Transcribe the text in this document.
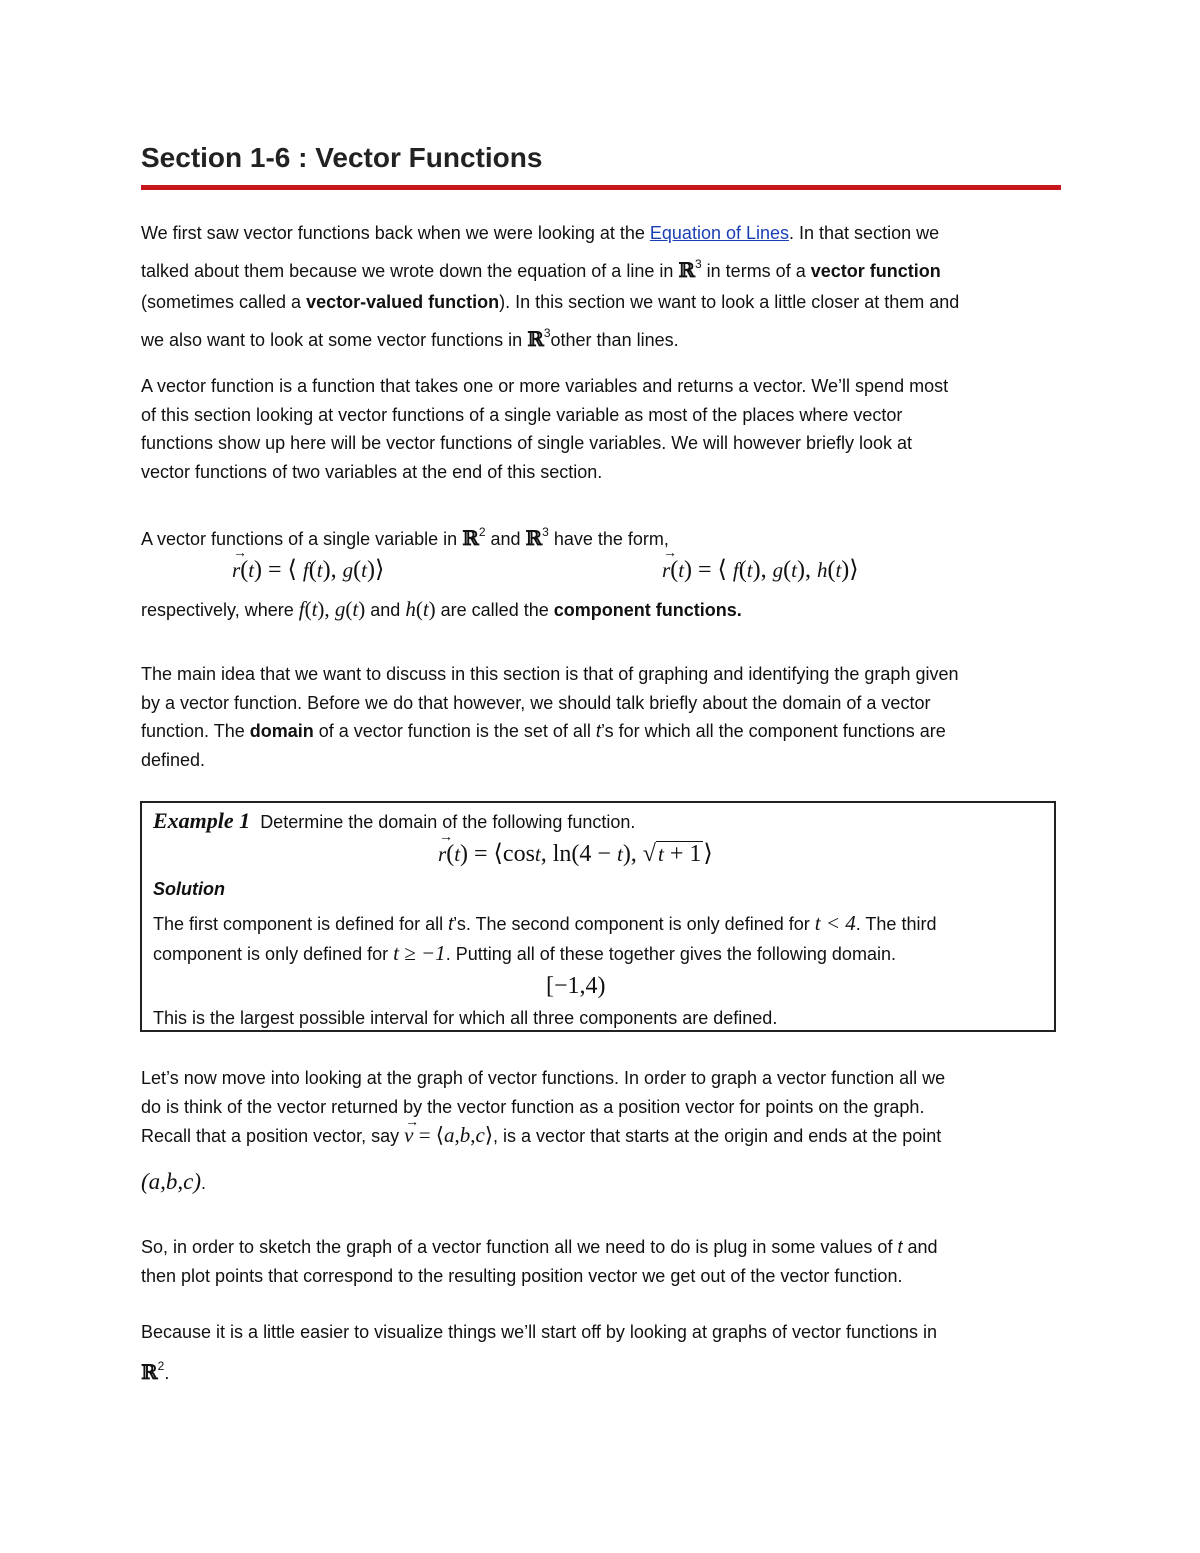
Section 1-6 : Vector Functions
We first saw vector functions back when we were looking at the Equation of Lines. In that section we
talked about them because we wrote down the equation of a line in ℝ$^3$ in terms of a vector function
(sometimes called a vector-valued function). In this section we want to look a little closer at them and
we also want to look at some vector functions in ℝ$^3$other than lines.
A vector function is a function that takes one or more variables and returns a vector. We’ll spend most
of this section looking at vector functions of a single variable as most of the places where vector
functions show up here will be vector functions of single variables. We will however briefly look at
vector functions of two variables at the end of this section.
A vector functions of a single variable in ℝ$^2$ and ℝ$^3$ have the form,
→ r(t) = ⟨ f(t), g(t)⟩
→	r(t) = ⟨ f(t), g(t), h(t)⟩
respectively, where f(t), g(t) and h(t) are called the component functions.
The main idea that we want to discuss in this section is that of graphing and identifying the graph given
by a vector function. Before we do that however, we should talk briefly about the domain of a vector
function. The domain of a vector function is the set of all t’s for which all the component functions are
defined.
Example 1 Determine the domain of the following function.
→ r(t) = ⟨cost, ln(4 − t), √t + 1⟩
Solution
The first component is defined for all t’s. The second component is only defined for t < 4. The third
component is only defined for t ≥ −1. Putting all of these together gives the following domain.
[−1,4)
This is the largest possible interval for which all three components are defined.
Let’s now move into looking at the graph of vector functions. In order to graph a vector function all we
do is think of the vector returned by the vector function as a position vector for points on the graph.
Recall that a position vector, say → v = ⟨a,b,c⟩, is a vector that starts at the origin and ends at the point
(a,b,c).
So, in order to sketch the graph of a vector function all we need to do is plug in some values of t and
then plot points that correspond to the resulting position vector we get out of the vector function.
Because it is a little easier to visualize things we’ll start off by looking at graphs of vector functions in
ℝ$^2$.
